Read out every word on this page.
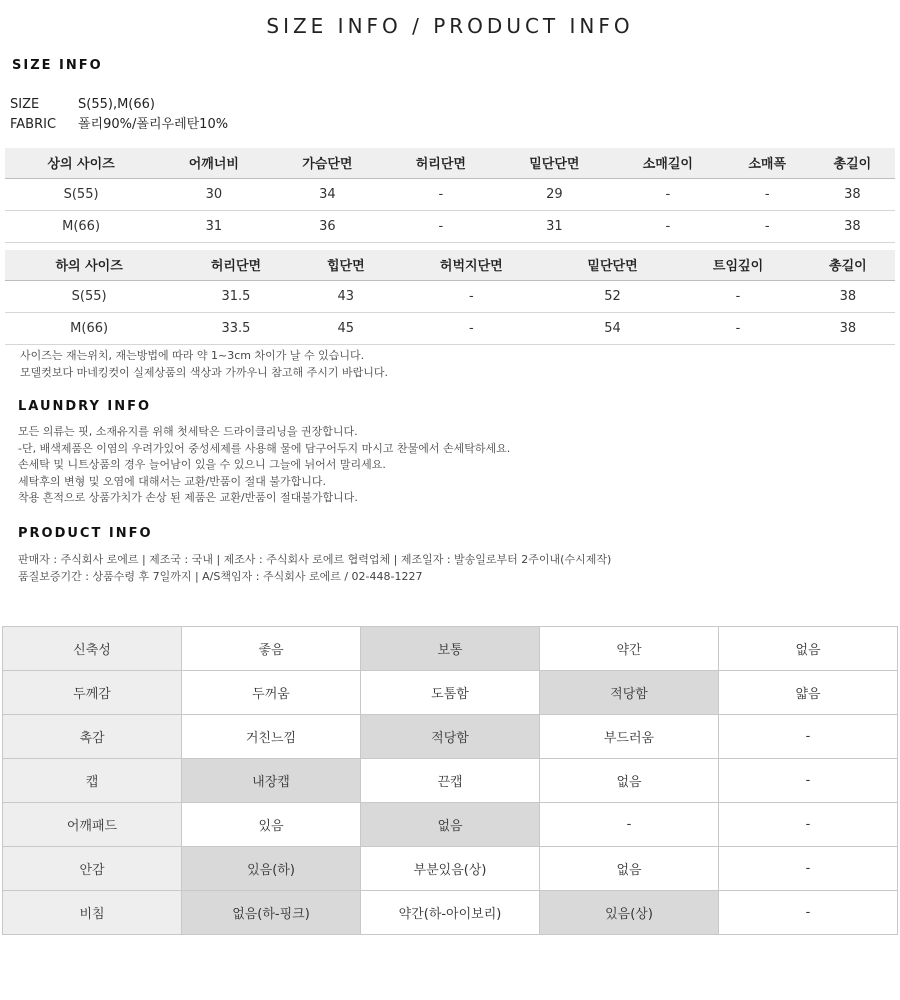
SIZE INFO / PRODUCT INFO
SIZE INFO
SIZE	S(55),M(66)
FABRIC 폴리90%/폴리우레탄10%
상의 사이즈	어깨너비	가슴단면	허리단면	밑단단면	소매길이	소매폭	총길이
S(55)	30	34	-	29	-	-	38
M(66)	31	36	-	31	-	-	38
하의 사이즈	허리단면	힙단면	허벅지단면	밑단단면	트임깊이	총길이
S(55)	31.5	43	-	52	-	38
M(66)	33.5	45	-	54	-	38
사이즈는 재는위치, 재는방법에 따라 약 1~3cm 차이가 날 수 있습니다.
모델컷보다 마네킹컷이 실제상품의 색상과 가까우니 참고해 주시기 바랍니다.
LAUNDRY INFO
모든 의류는 핏, 소재유지를 위해 첫세탁은 드라이클리닝을 권장합니다.
-단, 배색제품은 이염의 우려가있어 중성세제를 사용해 물에 담구어두지 마시고 찬물에서 손세탁하세요.
손세탁 및 니트상품의 경우 늘어남이 있을 수 있으니 그늘에 뉘어서 말리세요.
세탁후의 변형 및 오염에 대해서는 교환/반품이 절대 불가합니다.
착용 흔적으로 상품가치가 손상 된 제품은 교환/반품이 절대불가합니다.
PRODUCT INFO
판매자 : 주식회사 로에르 | 제조국 : 국내 | 제조사 : 주식회사 로에르 협력업체 | 제조일자 : 발송일로부터 2주이내(수시제작)
품질보증기간 : 상품수령 후 7일까지 | A/S책임자 : 주식회사 로에르 / 02-448-1227
신축성	좋음	보통	약간	없음
두께감	두꺼움	도톰함	적당함	얇음
촉감	거친느낌	적당함	부드러움	-
캡	내장캡	끈캡	없음	-
어깨패드	있음	없음	-	-
안감	있음(하)	부분있음(상)	없음	-
비침	없음(하-핑크)	약간(하-아이보리)	있음(상)	-
